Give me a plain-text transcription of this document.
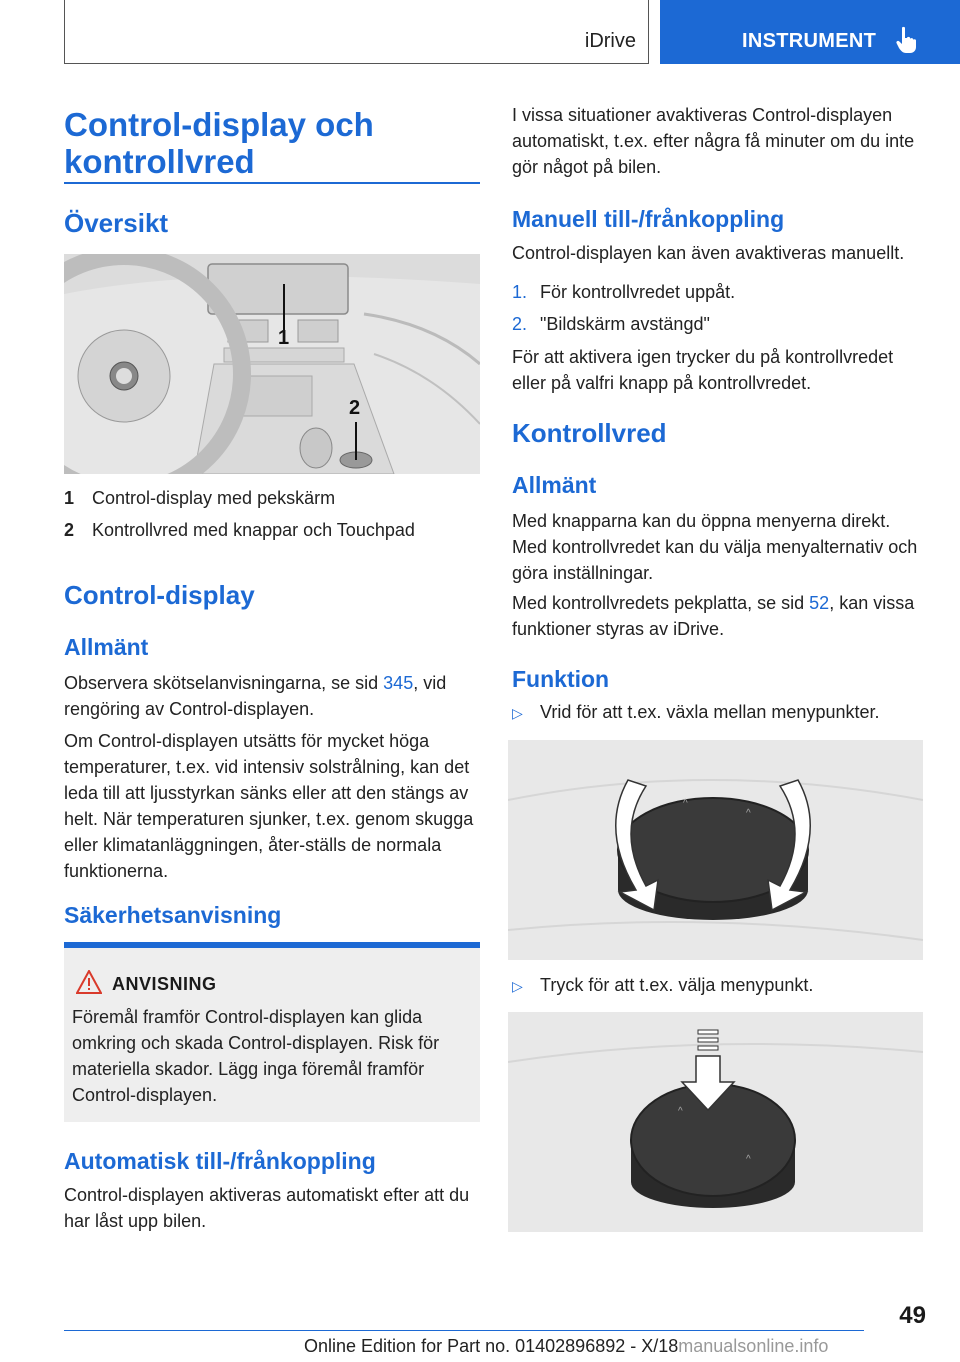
iDrive	INSTRUMENT
Control-display och kontrollvred
Översikt
1
2
1 Control-display med pekskärm
2 Kontrollvred med knappar och Touchpad
Control-display
Allmänt
Observera skötselanvisningarna, se sid 345, vid rengöring av Control-displayen.
Om Control-displayen utsätts för mycket höga temperaturer, t.ex. vid intensiv solstrålning, kan det leda till att ljusstyrkan sänks eller att den stängs av helt. När temperaturen sjunker, t.ex. genom skugga eller klimatanläggningen, åter-ställs de normala funktionerna.
Säkerhetsanvisning
ANVISNING
Föremål framför Control-displayen kan glida omkring och skada Control-displayen. Risk för materiella skador. Lägg inga föremål framför Control-displayen.
Automatisk till-/frånkoppling
Control-displayen aktiveras automatiskt efter att du har låst upp bilen.
I vissa situationer avaktiveras Control-displayen automatiskt, t.ex. efter några få minuter om du inte gör något på bilen.
Manuell till-/frånkoppling
Control-displayen kan även avaktiveras manuellt.
1. För kontrollvredet uppåt.
2. "Bildskärm avstängd"
För att aktivera igen trycker du på kontrollvredet eller på valfri knapp på kontrollvredet.
Kontrollvred
Allmänt
Med knapparna kan du öppna menyerna direkt. Med kontrollvredet kan du välja menyalternativ och göra inställningar.
Med kontrollvredets pekplatta, se sid 52, kan vissa funktioner styras av iDrive.
Funktion
▷ Vrid för att t.ex. växla mellan menypunkter.
^
^
▷ Tryck för att t.ex. välja menypunkt.
^
^
49
Online Edition for Part no. 01402896892 - X/18manualsonline.info
